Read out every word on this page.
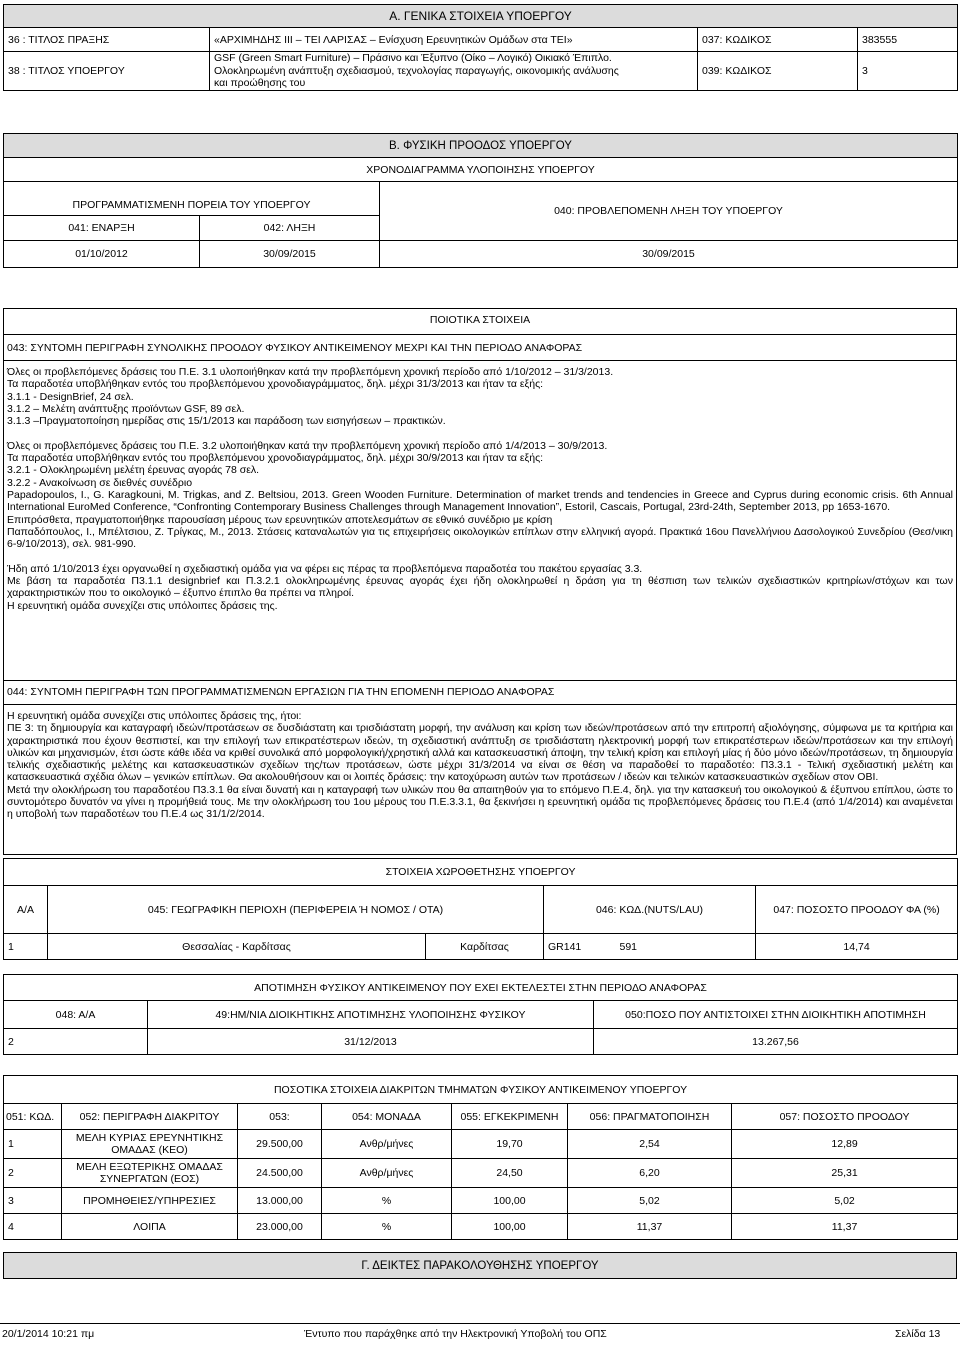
Α. ΓΕΝΙΚΑ ΣΤΟΙΧΕΙΑ ΥΠΟΕΡΓΟΥ			
36 : ΤΙΤΛΟΣ ΠΡΑΞΗΣ	«ΑΡΧΙΜΗΔΗΣ ΙΙΙ – ΤΕΙ ΛΑΡΙΣΑΣ – Ενίσχυση Ερευνητικών Ομάδων στα ΤΕΙ»	037: ΚΩΔΙΚΟΣ	383555
38 : ΤΙΤΛΟΣ ΥΠΟΕΡΓΟΥ	GSF (Green Smart Furniture) – Πράσινο και Έξυπνο (Οίκο – Λογικό) Οικιακό Έπιπλο.
Ολοκληρωμένη ανάπτυξη σχεδιασμού, τεχνολογίας παραγωγής, οικονομικής ανάλυσης
και προώθησης του	039: ΚΩΔΙΚΟΣ	3
Β. ΦΥΣΙΚΗ ΠΡΟΟΔΟΣ ΥΠΟΕΡΓΟΥ		
ΧΡΟΝΟΔΙΑΓΡΑΜΜΑ ΥΛΟΠΟΙΗΣΗΣ ΥΠΟΕΡΓΟΥ		
ΠΡΟΓΡΑΜΜΑΤΙΣΜΕΝΗ ΠΟΡΕΙΑ ΤΟΥ ΥΠΟΕΡΓΟΥ		040: ΠΡΟΒΛΕΠΟΜΕΝΗ ΛΗΞΗ ΤΟΥ ΥΠΟΕΡΓΟΥ
041: ΕΝΑΡΞΗ	042: ΛΗΞΗ	
01/10/2012	30/09/2015	30/09/2015
ΠΟΙΟΤΙΚΑ ΣΤΟΙΧΕΙΑ
043: ΣΥΝΤΟΜΗ ΠΕΡΙΓΡΑΦΗ ΣΥΝΟΛΙΚΗΣ ΠΡΟΟΔΟΥ ΦΥΣΙΚΟΥ ΑΝΤΙΚΕΙΜΕΝΟΥ ΜΕΧΡΙ ΚΑΙ ΤΗΝ ΠΕΡΙΟΔΟ ΑΝΑΦΟΡΑΣ
Όλες οι προβλεπόμενες δράσεις του Π.Ε. 3.1 υλοποιήθηκαν κατά την προβλεπόμενη χρονική περίοδο από 1/10/2012 – 31/3/2013.
Τα παραδοτέα υποβλήθηκαν εντός του προβλεπόμενου χρονοδιαγράμματος, δηλ. μέχρι 31/3/2013 και ήταν τα εξής:
3.1.1 - DesignBrief, 24 σελ.
3.1.2 – Μελέτη ανάπτυξης προϊόντων GSF, 89 σελ.
3.1.3 –Πραγματοποίηση ημερίδας στις 15/1/2013 και παράδοση των εισηγήσεων – πρακτικών.
Όλες οι προβλεπόμενες δράσεις του Π.Ε. 3.2 υλοποιήθηκαν κατά την προβλεπόμενη χρονική περίοδο από 1/4/2013 – 30/9/2013.
Τα παραδοτέα υποβλήθηκαν εντός του προβλεπόμενου χρονοδιαγράμματος, δηλ. μέχρι 30/9/2013 και ήταν τα εξής:
3.2.1 - Ολοκληρωμένη μελέτη έρευνας αγοράς 78 σελ.
3.2.2 - Ανακοίνωση σε διεθνές συνέδριο
Papadopoulos, I., G. Karagkouni, M. Trigkas, and Z. Beltsiou, 2013. Green Wooden Furniture. Determination of market trends and tendencies in Greece and Cyprus during economic crisis. 6th Annual International EuroMed Conference, “Confronting Contemporary Business Challenges through Management Innovation”, Estoril, Cascais, Portugal, 23rd-24th, September 2013, pp 1653-1670.
Επιπρόσθετα, πραγματοποιήθηκε παρουσίαση μέρους των ερευνητικών αποτελεσμάτων σε εθνικό συνέδριο με κρίση
Παπαδόπουλος, Ι., Μπέλτσιου, Ζ. Τρίγκας, Μ., 2013. Στάσεις καταναλωτών για τις επιχειρήσεις οικολογικών επίπλων στην ελληνική αγορά. Πρακτικά 16ου Πανελλήνιου Δασολογικού Συνεδρίου (Θεσ/νικη 6-9/10/2013), σελ. 981-990.
Ήδη από 1/10/2013 έχει οργανωθεί η σχεδιαστική ομάδα για να φέρει εις πέρας τα προβλεπόμενα παραδοτέα του πακέτου εργασίας 3.3.
Με βάση τα παραδοτέα Π3.1.1 designbrief και Π.3.2.1 ολοκληρωμένης έρευνας αγοράς έχει ήδη ολοκληρωθεί η δράση για τη θέσπιση των τελικών σχεδιαστικών κριτηρίων/στόχων και των χαρακτηριστικών που το οικολογικό – έξυπνο έπιπλο θα πρέπει να πληροί.
Η ερευνητική ομάδα συνεχίζει στις υπόλοιπες δράσεις της.
044: ΣΥΝΤΟΜΗ ΠΕΡΙΓΡΑΦΗ ΤΩΝ ΠΡΟΓΡΑΜΜΑΤΙΣΜΕΝΩΝ ΕΡΓΑΣΙΩΝ ΓΙΑ ΤΗΝ ΕΠΟΜΕΝΗ ΠΕΡΙΟΔΟ ΑΝΑΦΟΡΑΣ
Η ερευνητική ομάδα συνεχίζει στις υπόλοιπες δράσεις της, ήτοι:
ΠΕ 3: τη δημιουργία και καταγραφή ιδεών/προτάσεων σε δυσδιάστατη και τρισδιάστατη μορφή, την ανάλυση και κρίση των ιδεών/προτάσεων από την επιτροπή αξιολόγησης, σύμφωνα με τα κριτήρια και χαρακτηριστικά που έχουν θεσπιστεί, και την επιλογή των επικρατέστερων ιδεών, τη σχεδιαστική ανάπτυξη σε τρισδιάστατη ηλεκτρονική μορφή των επικρατέστερων ιδεών/προτάσεων και την επιλογή υλικών και μηχανισμών, έτσι ώστε κάθε ιδέα να κριθεί συνολικά από μορφολογική/χρηστική αλλά και κατασκευαστική άποψη, την τελική κρίση και επιλογή μίας ή δύο μόνο ιδεών/προτάσεων, τη δημιουργία τελικής σχεδιαστικής μελέτης και κατασκευαστικών σχεδίων της/των προτάσεων, ώστε μέχρι 31/3/2014 να είναι σε θέση να παραδοθεί το παραδοτέο: Π3.3.1 - Τελική σχεδιαστική μελέτη και κατασκευαστικά σχέδια όλων – γενικών επίπλων. Θα ακολουθήσουν και οι λοιπές δράσεις: την κατοχύρωση αυτών των προτάσεων / ιδεών και τελικών κατασκευαστικών σχεδίων στον ΟΒΙ.
Μετά την ολοκλήρωση του παραδοτέου Π3.3.1 θα είναι δυνατή και η καταγραφή των υλικών που θα απαιτηθούν για το επόμενο Π.Ε.4, δηλ. για την κατασκευή του οικολογικού & έξυπνου επίπλου, ώστε το συντομότερο δυνατόν να γίνει η προμήθειά τους. Με την ολοκλήρωση του 1ου μέρους του Π.Ε.3.3.1, θα ξεκινήσει η ερευνητική ομάδα τις προβλεπόμενες δράσεις του Π.Ε.4 (από 1/4/2014) και αναμένεται η υποβολή των παραδοτέων του Π.Ε.4 ως 31/1/2/2014.
ΣΤΟΙΧΕΙΑ ΧΩΡΟΘΕΤΗΣΗΣ ΥΠΟΕΡΓΟΥ					
Α/Α	045: ΓΕΩΓΡΑΦΙΚΗ ΠΕΡΙΟΧΗ (ΠΕΡΙΦΕΡΕΙΑ Ή ΝΟΜΟΣ / ΟΤΑ)		046: ΚΩΔ.(NUTS/LAU)		047: ΠΟΣΟΣΤΟ ΠΡΟΟΔΟΥ ΦΑ (%)
1	Θεσσαλίας - Καρδίτσας	Καρδίτσας	GR141	591	14,74
ΑΠΟΤΙΜΗΣΗ ΦΥΣΙΚΟΥ ΑΝΤΙΚΕΙΜΕΝΟΥ ΠΟΥ ΕΧΕΙ ΕΚΤΕΛΕΣΤΕΙ ΣΤΗΝ ΠΕΡΙΟΔΟ ΑΝΑΦΟΡΑΣ		
048: Α/Α	49:ΗΜ/ΝΙΑ ΔΙΟΙΚΗΤΙΚΗΣ ΑΠΟΤΙΜΗΣΗΣ ΥΛΟΠΟΙΗΣΗΣ ΦΥΣΙΚΟΥ	050:ΠΟΣΟ ΠΟΥ ΑΝΤΙΣΤΟΙΧΕΙ ΣΤΗΝ ΔΙΟΙΚΗΤΙΚΗ ΑΠΟΤΙΜΗΣΗ
2	31/12/2013	13.267,56
ΠΟΣΟΤΙΚΑ ΣΤΟΙΧΕΙΑ ΔΙΑΚΡΙΤΩΝ ΤΜΗΜΑΤΩΝ ΦΥΣΙΚΟΥ ΑΝΤΙΚΕΙΜΕΝΟΥ ΥΠΟΕΡΓΟΥ						
051: ΚΩΔ.	052: ΠΕΡΙΓΡΑΦΗ ΔΙΑΚΡΙΤΟΥ	053:	054: ΜΟΝΑΔΑ	055: ΕΓΚΕΚΡΙΜΕΝΗ	056: ΠΡΑΓΜΑΤΟΠΟΙΗΣΗ	057: ΠΟΣΟΣΤΟ ΠΡΟΟΔΟΥ
1	ΜΕΛΗ ΚΥΡΙΑΣ ΕΡΕΥΝΗΤΙΚΗΣ ΟΜΑΔΑΣ (ΚΕΟ)	29.500,00	Ανθρ/μήνες	19,70	2,54	12,89
2	ΜΕΛΗ ΕΞΩΤΕΡΙΚΗΣ ΟΜΑΔΑΣ ΣΥΝΕΡΓΑΤΩΝ (ΕΟΣ)	24.500,00	Ανθρ/μήνες	24,50	6,20	25,31
3	ΠΡΟΜΗΘΕΙΕΣ/ΥΠΗΡΕΣΙΕΣ	13.000,00	%	100,00	5,02	5,02
4	ΛΟΙΠΑ	23.000,00	%	100,00	11,37	11,37
Γ. ΔΕΙΚΤΕΣ ΠΑΡΑΚΟΛΟΥΘΗΣΗΣ ΥΠΟΕΡΓΟΥ
20/1/2014 10:21 πμ	Έντυπο που παράχθηκε από την Ηλεκτρονική Υποβολή του ΟΠΣ	Σελίδα 13
